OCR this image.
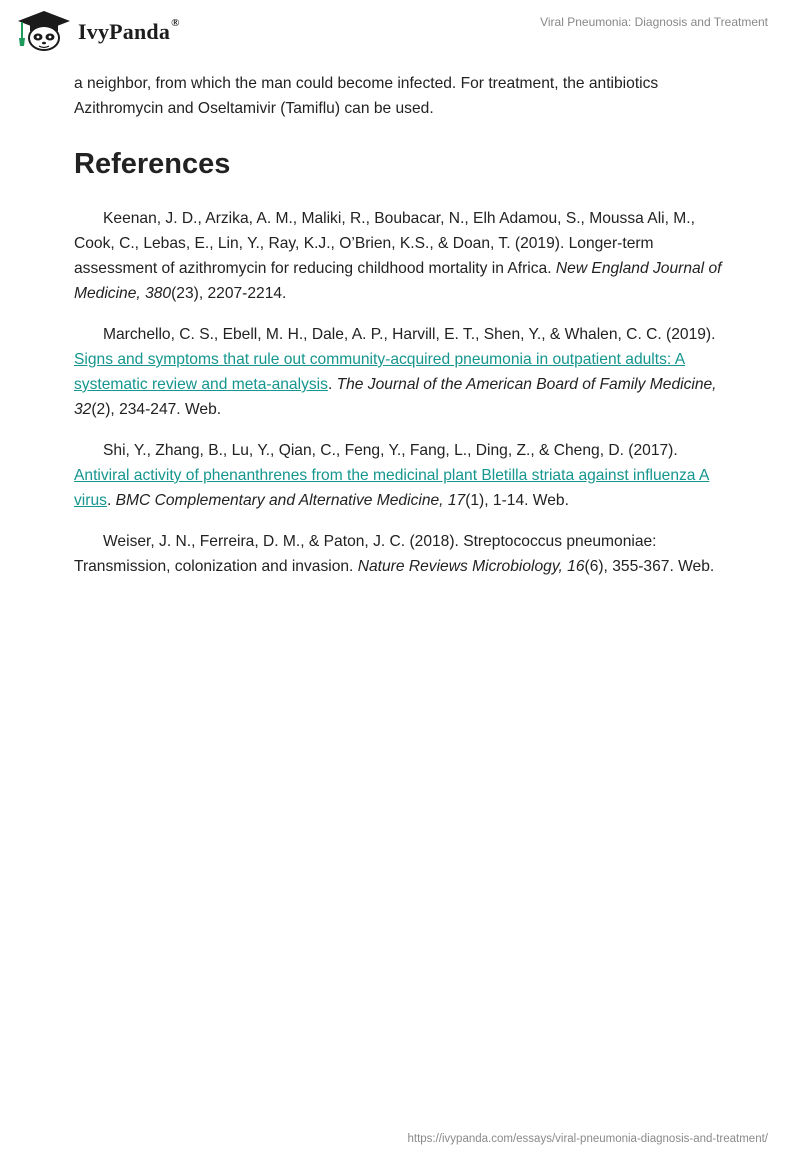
IvyPanda®	Viral Pneumonia: Diagnosis and Treatment

a neighbor, from which the man could become infected. For treatment, the antibiotics Azithromycin and Oseltamivir (Tamiflu) can be used.

References

Keenan, J. D., Arzika, A. M., Maliki, R., Boubacar, N., Elh Adamou, S., Moussa Ali, M., Cook, C., Lebas, E., Lin, Y., Ray, K.J., O’Brien, K.S., & Doan, T. (2019). Longer-term assessment of azithromycin for reducing childhood mortality in Africa. New England Journal of Medicine, 380(23), 2207-2214.

Marchello, C. S., Ebell, M. H., Dale, A. P., Harvill, E. T., Shen, Y., & Whalen, C. C. (2019). Signs and symptoms that rule out community-acquired pneumonia in outpatient adults: A systematic review and meta-analysis. The Journal of the American Board of Family Medicine, 32(2), 234-247. Web.

Shi, Y., Zhang, B., Lu, Y., Qian, C., Feng, Y., Fang, L., Ding, Z., & Cheng, D. (2017). Antiviral activity of phenanthrenes from the medicinal plant Bletilla striata against influenza A virus. BMC Complementary and Alternative Medicine, 17(1), 1-14. Web.

Weiser, J. N., Ferreira, D. M., & Paton, J. C. (2018). Streptococcus pneumoniae: Transmission, colonization and invasion. Nature Reviews Microbiology, 16(6), 355-367. Web.

https://ivypanda.com/essays/viral-pneumonia-diagnosis-and-treatment/
